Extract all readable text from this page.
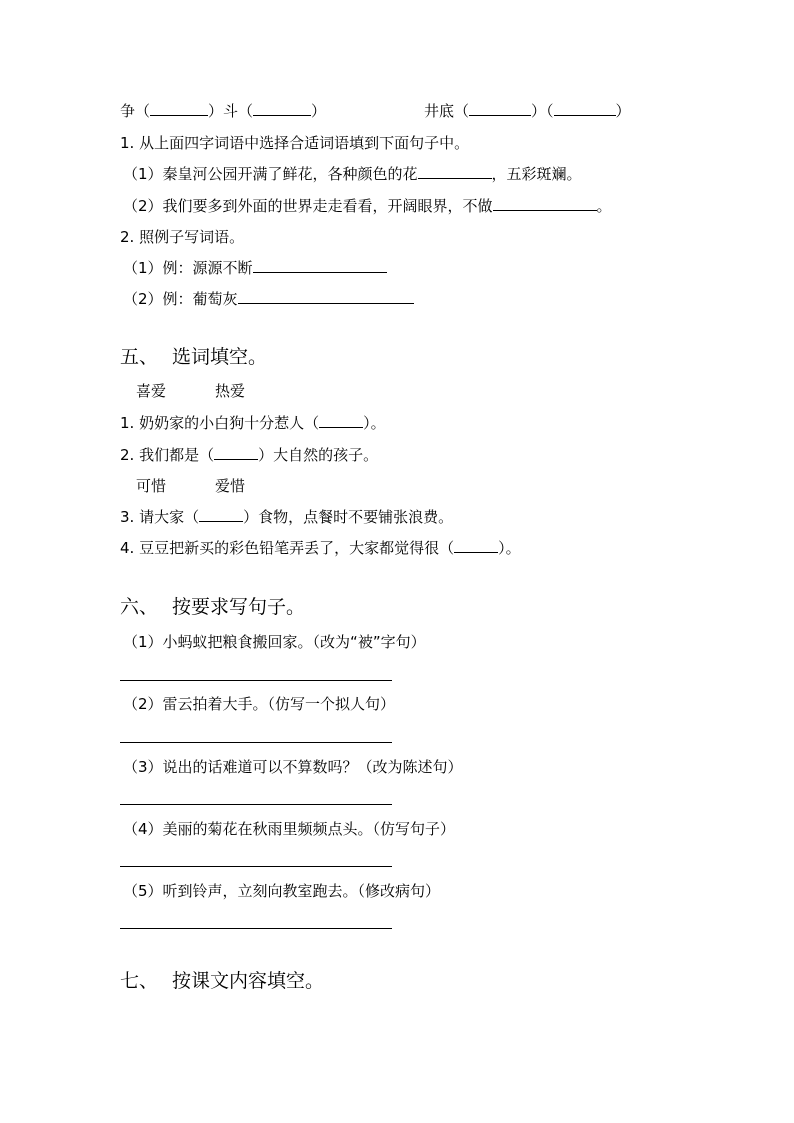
争（	）斗（	）	井底（	）（	）
1. 从上面四字词语中选择合适词语填到下面句子中。
（1）秦皇河公园开满了鲜花，各种颜色的花	，五彩斑斓。
（2）我们要多到外面的世界走走看看，开阔眼界，不做	。
2. 照例子写词语。
（1）例：源源不断
（2）例：葡萄灰
五、 选词填空。
喜爱	热爱
1. 奶奶家的小白狗十分惹人（	）。
2. 我们都是（	）大自然的孩子。
可惜	爱惜
3. 请大家（	）食物，点餐时不要铺张浪费。
4. 豆豆把新买的彩色铅笔弄丢了，大家都觉得很（	）。
六、 按要求写句子。
（1）小蚂蚁把粮食搬回家。（改为“被”字句）
（2）雷云拍着大手。（仿写一个拟人句）
（3）说出的话难道可以不算数吗？（改为陈述句）
（4）美丽的菊花在秋雨里频频点头。（仿写句子）
（5）听到铃声，立刻向教室跑去。（修改病句）
七、 按课文内容填空。
